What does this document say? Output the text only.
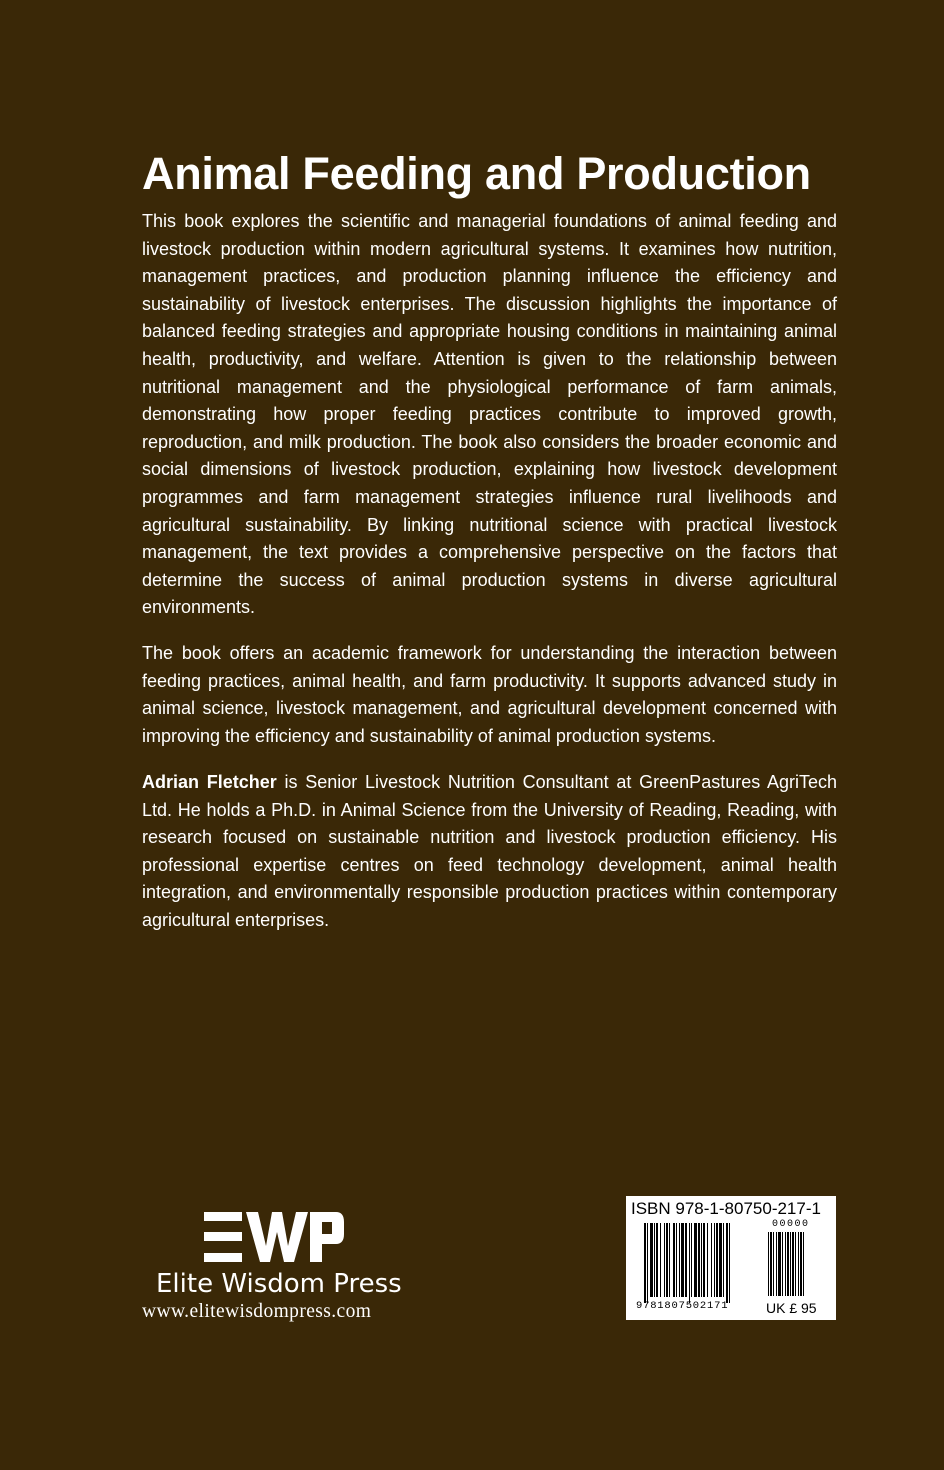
Animal Feeding and Production
This book explores the scientific and managerial foundations of animal feeding and livestock production within modern agricultural systems. It examines how nutrition, management practices, and production planning influence the efficiency and sustainability of livestock enterprises. The discussion highlights the importance of balanced feeding strategies and appropriate housing conditions in maintaining animal health, productivity, and welfare. Attention is given to the relationship between nutritional management and the physiological performance of farm animals, demonstrating how proper feeding practices contribute to improved growth, reproduction, and milk production. The book also considers the broader economic and social dimensions of livestock production, explaining how livestock development programmes and farm management strategies influence rural livelihoods and agricultural sustainability. By linking nutritional science with practical livestock management, the text provides a comprehensive perspective on the factors that determine the success of animal production systems in diverse agricultural environments.
The book offers an academic framework for understanding the interaction between feeding practices, animal health, and farm productivity. It supports advanced study in animal science, livestock management, and agricultural development concerned with improving the efficiency and sustainability of animal production systems.
Adrian Fletcher is Senior Livestock Nutrition Consultant at GreenPastures AgriTech Ltd. He holds a Ph.D. in Animal Science from the University of Reading, Reading, with research focused on sustainable nutrition and livestock production efficiency. His professional expertise centres on feed technology development, animal health integration, and environmentally responsible production practices within contemporary agricultural enterprises.
Elite Wisdom Press
www.elitewisdompress.com
ISBN 978-1-80750-217-1
00000
9781807502171	UK £ 95
